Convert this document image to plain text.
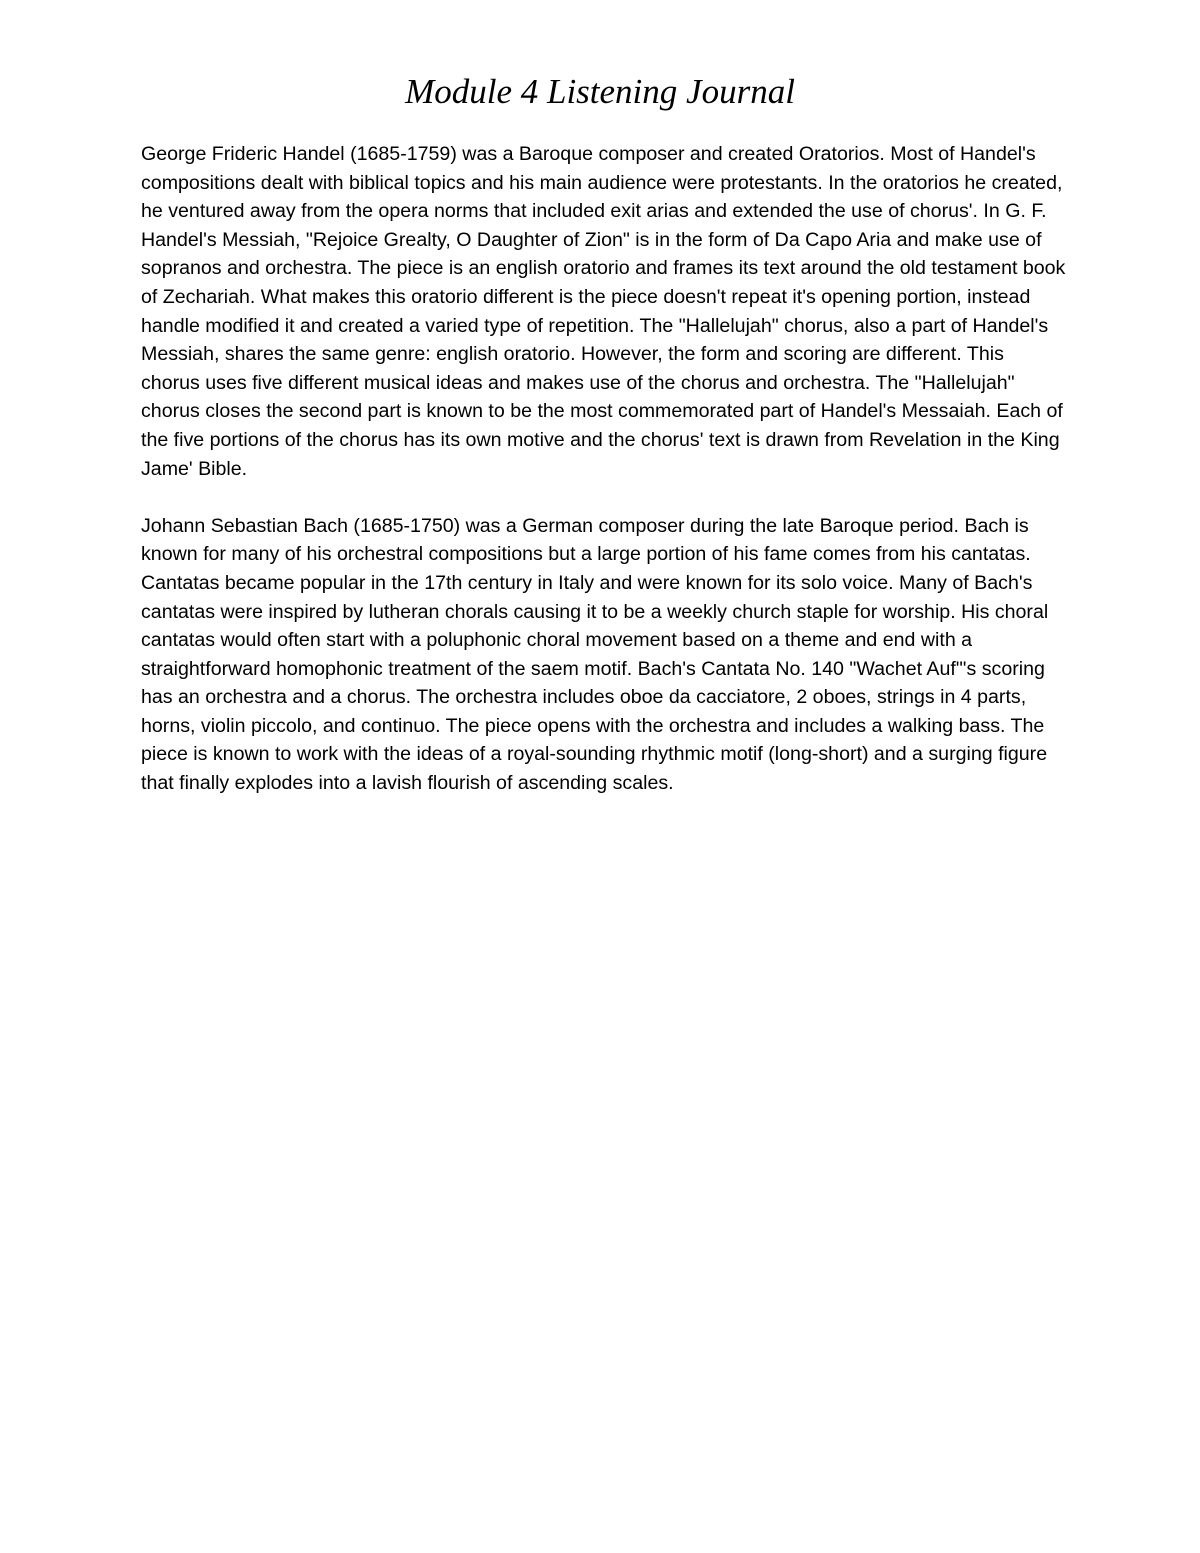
Module 4 Listening Journal

George Frideric Handel (1685-1759) was a Baroque composer and created Oratorios. Most of Handel's compositions dealt with biblical topics and his main audience were protestants. In the oratorios he created, he ventured away from the opera norms that included exit arias and extended the use of chorus'. In G. F. Handel's Messiah, "Rejoice Grealty, O Daughter of Zion" is in the form of Da Capo Aria and make use of sopranos and orchestra. The piece is an english oratorio and frames its text around the old testament book of Zechariah. What makes this oratorio different is the piece doesn't repeat it's opening portion, instead handle modified it and created a varied type of repetition. The "Hallelujah" chorus, also a part of Handel's Messiah, shares the same genre: english oratorio. However, the form and scoring are different. This chorus uses five different musical ideas and makes use of the chorus and orchestra. The "Hallelujah" chorus closes the second part is known to be the most commemorated part of Handel's Messaiah. Each of the five portions of the chorus has its own motive and the chorus' text is drawn from Revelation in the King Jame' Bible.

Johann Sebastian Bach (1685-1750) was a German composer during the late Baroque period. Bach is known for many of his orchestral compositions but a large portion of his fame comes from his cantatas. Cantatas became popular in the 17th century in Italy and were known for its solo voice. Many of Bach's cantatas were inspired by lutheran chorals causing it to be a weekly church staple for worship. His choral cantatas would often start with a poluphonic choral movement based on a theme and end with a straightforward homophonic treatment of the saem motif. Bach's Cantata No. 140 "Wachet Auf"'s scoring has an orchestra and a chorus. The orchestra includes oboe da cacciatore, 2 oboes, strings in 4 parts, horns, violin piccolo, and continuo. The piece opens with the orchestra and includes a walking bass. The piece is known to work with the ideas of a royal-sounding rhythmic motif (long-short) and a surging figure that finally explodes into a lavish flourish of ascending scales.
